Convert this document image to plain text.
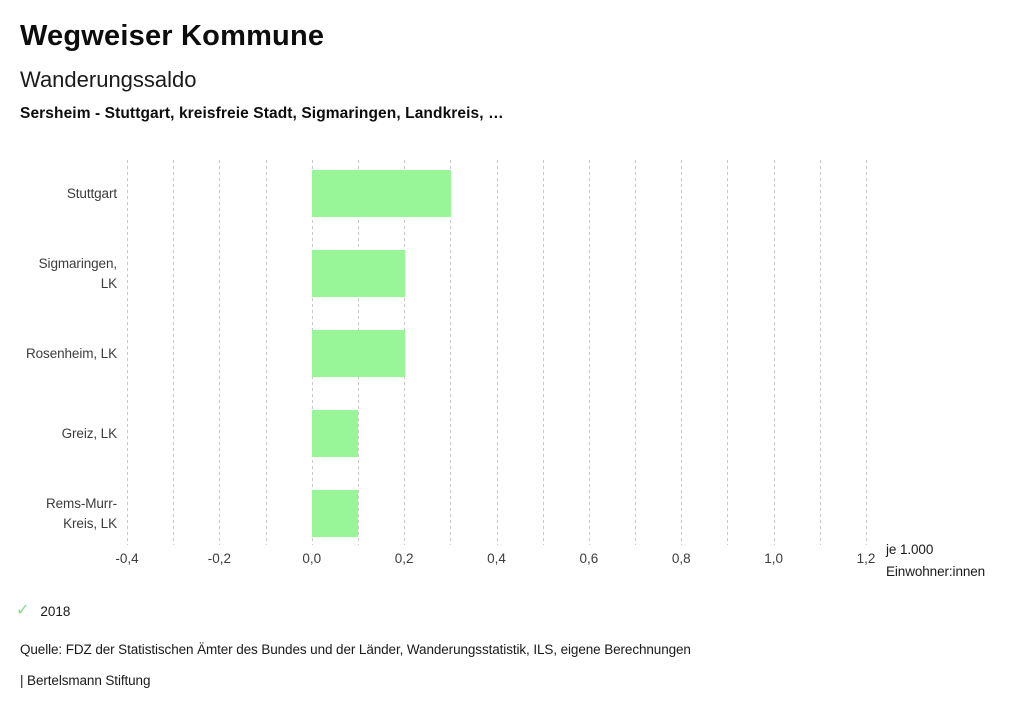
Wegweiser Kommune
Wanderungssaldo
Sersheim - Stuttgart, kreisfreie Stadt, Sigmaringen, Landkreis, …
Stuttgart
Sigmaringen,
LK
Rosenheim, LK
Greiz, LK
Rems-Murr-
Kreis, LK
-0,4	-0,2	0,0	0,2	0,4	0,6	0,8	1,0	1,2
je 1.000
Einwohner:innen
✓ 2018
Quelle: FDZ der Statistischen Ämter des Bundes und der Länder, Wanderungsstatistik, ILS, eigene Berechnungen
| Bertelsmann Stiftung
